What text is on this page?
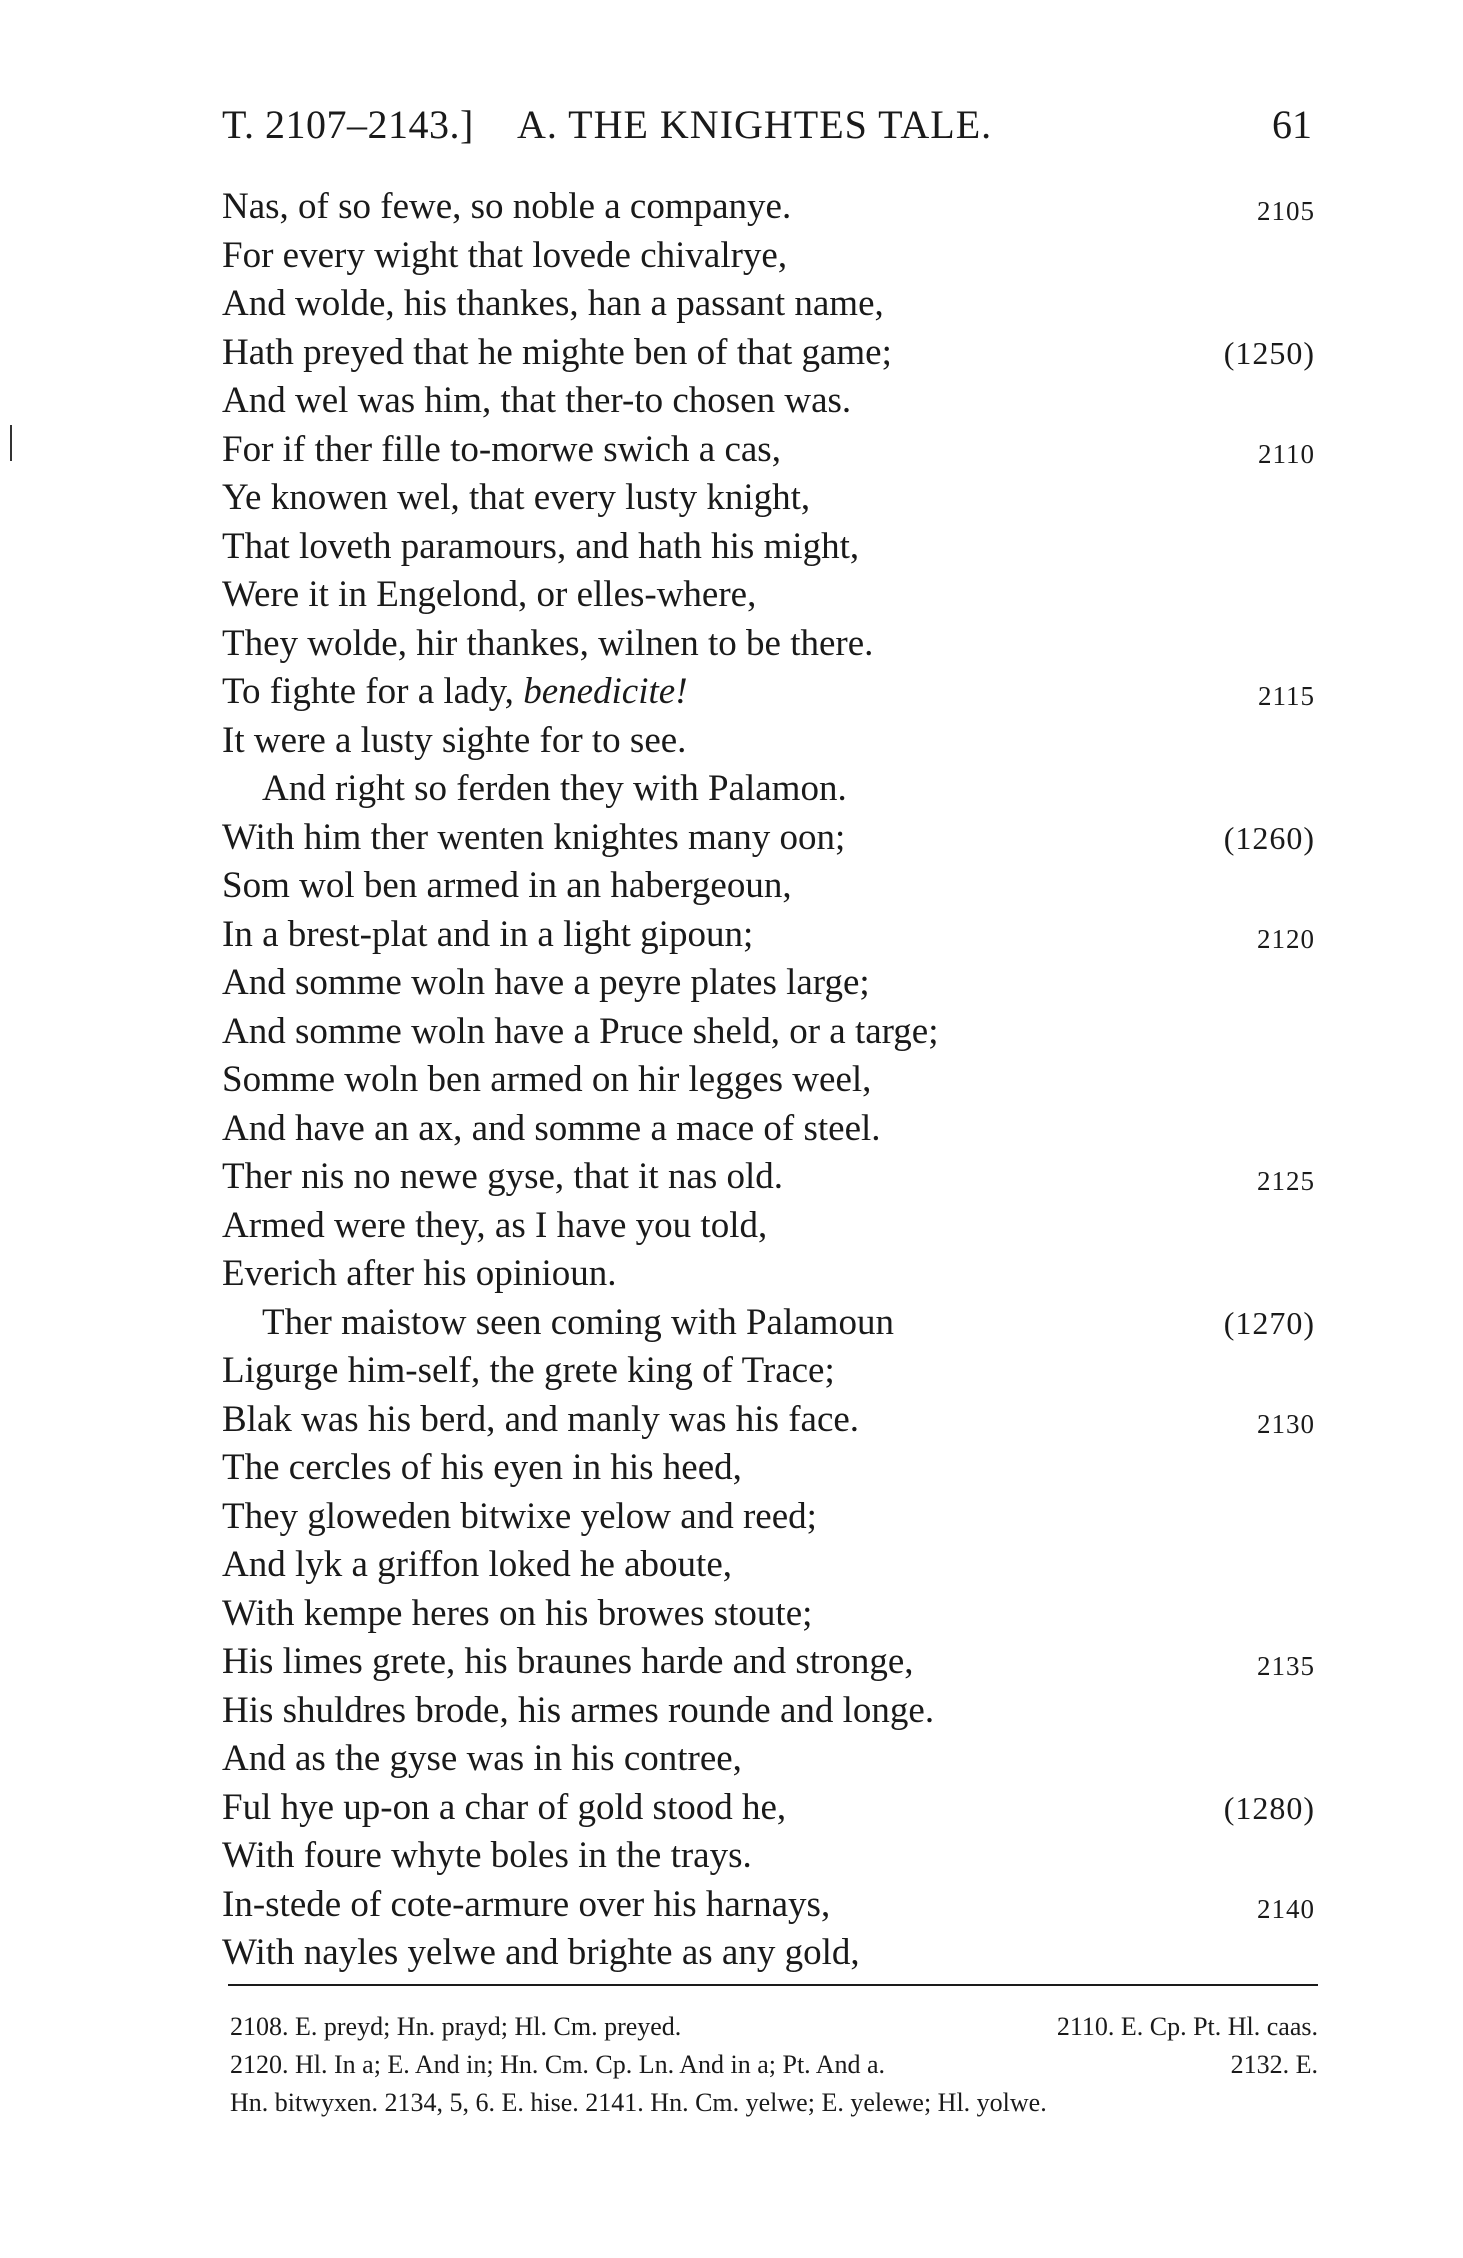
T. 2107–2143.] A. THE KNIGHTES TALE.	61
Nas, of so fewe, so noble a companye.	2105
For every wight that lovede chivalrye,
And wolde, his thankes, han a passant name,
Hath preyed that he mighte ben of that game;	(1250)
And wel was him, that ther-to chosen was.
For if ther fille to-morwe swich a cas,	2110
Ye knowen wel, that every lusty knight,
That loveth paramours, and hath his might,
Were it in Engelond, or elles-where,
They wolde, hir thankes, wilnen to be there.
To fighte for a lady, benedicite!	2115
It were a lusty sighte for to see.
And right so ferden they with Palamon.
With him ther wenten knightes many oon;	(1260)
Som wol ben armed in an habergeoun,
In a brest-plat and in a light gipoun;	2120
And somme woln have a peyre plates large;
And somme woln have a Pruce sheld, or a targe;
Somme woln ben armed on hir legges weel,
And have an ax, and somme a mace of steel.
Ther nis no newe gyse, that it nas old.	2125
Armed were they, as I have you told,
Everich after his opinioun.
Ther maistow seen coming with Palamoun	(1270)
Ligurge him-self, the grete king of Trace;
Blak was his berd, and manly was his face.	2130
The cercles of his eyen in his heed,
They gloweden bitwixe yelow and reed;
And lyk a griffon loked he aboute,
With kempe heres on his browes stoute;
His limes grete, his braunes harde and stronge,	2135
His shuldres brode, his armes rounde and longe.
And as the gyse was in his contree,
Ful hye up-on a char of gold stood he,	(1280)
With foure whyte boles in the trays.
In-stede of cote-armure over his harnays,	2140
With nayles yelwe and brighte as any gold,
2108. E. preyd; Hn. prayd; Hl. Cm. preyed.	2110. E. Cp. Pt. Hl. caas.
2120. Hl. In a; E. And in; Hn. Cm. Cp. Ln. And in a; Pt. And a.	2132. E.
Hn. bitwyxen. 2134, 5, 6. E. hise. 2141. Hn. Cm. yelwe; E. yelewe; Hl. yolwe.
